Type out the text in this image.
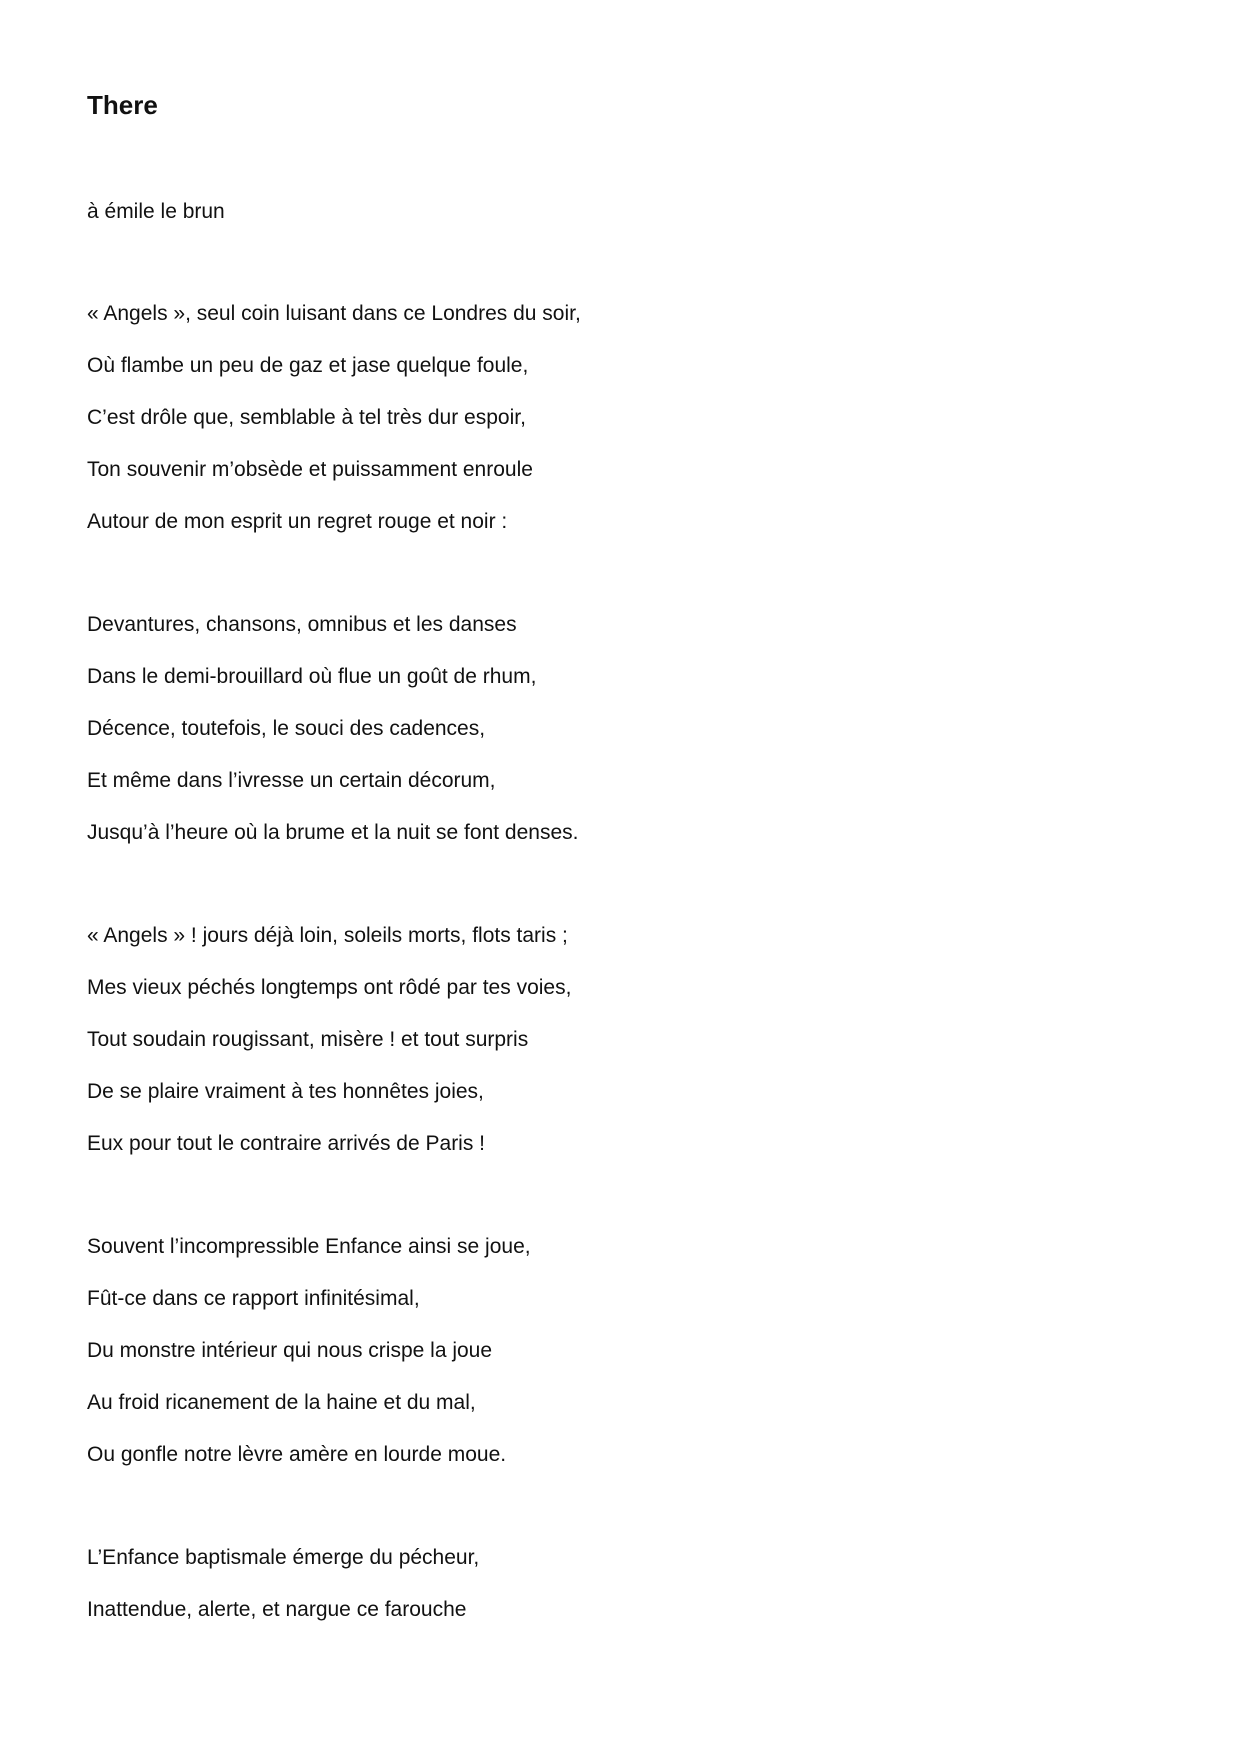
There

à émile le brun

« Angels », seul coin luisant dans ce Londres du soir,
Où flambe un peu de gaz et jase quelque foule,
C’est drôle que, semblable à tel très dur espoir,
Ton souvenir m’obsède et puissamment enroule
Autour de mon esprit un regret rouge et noir :
Devantures, chansons, omnibus et les danses
Dans le demi-brouillard où flue un goût de rhum,
Décence, toutefois, le souci des cadences,
Et même dans l’ivresse un certain décorum,
Jusqu’à l’heure où la brume et la nuit se font denses.
« Angels » ! jours déjà loin, soleils morts, flots taris ;
Mes vieux péchés longtemps ont rôdé par tes voies,
Tout soudain rougissant, misère ! et tout surpris
De se plaire vraiment à tes honnêtes joies,
Eux pour tout le contraire arrivés de Paris !
Souvent l’incompressible Enfance ainsi se joue,
Fût-ce dans ce rapport infinitésimal,
Du monstre intérieur qui nous crispe la joue
Au froid ricanement de la haine et du mal,
Ou gonfle notre lèvre amère en lourde moue.
L’Enfance baptismale émerge du pécheur,
Inattendue, alerte, et nargue ce farouche
